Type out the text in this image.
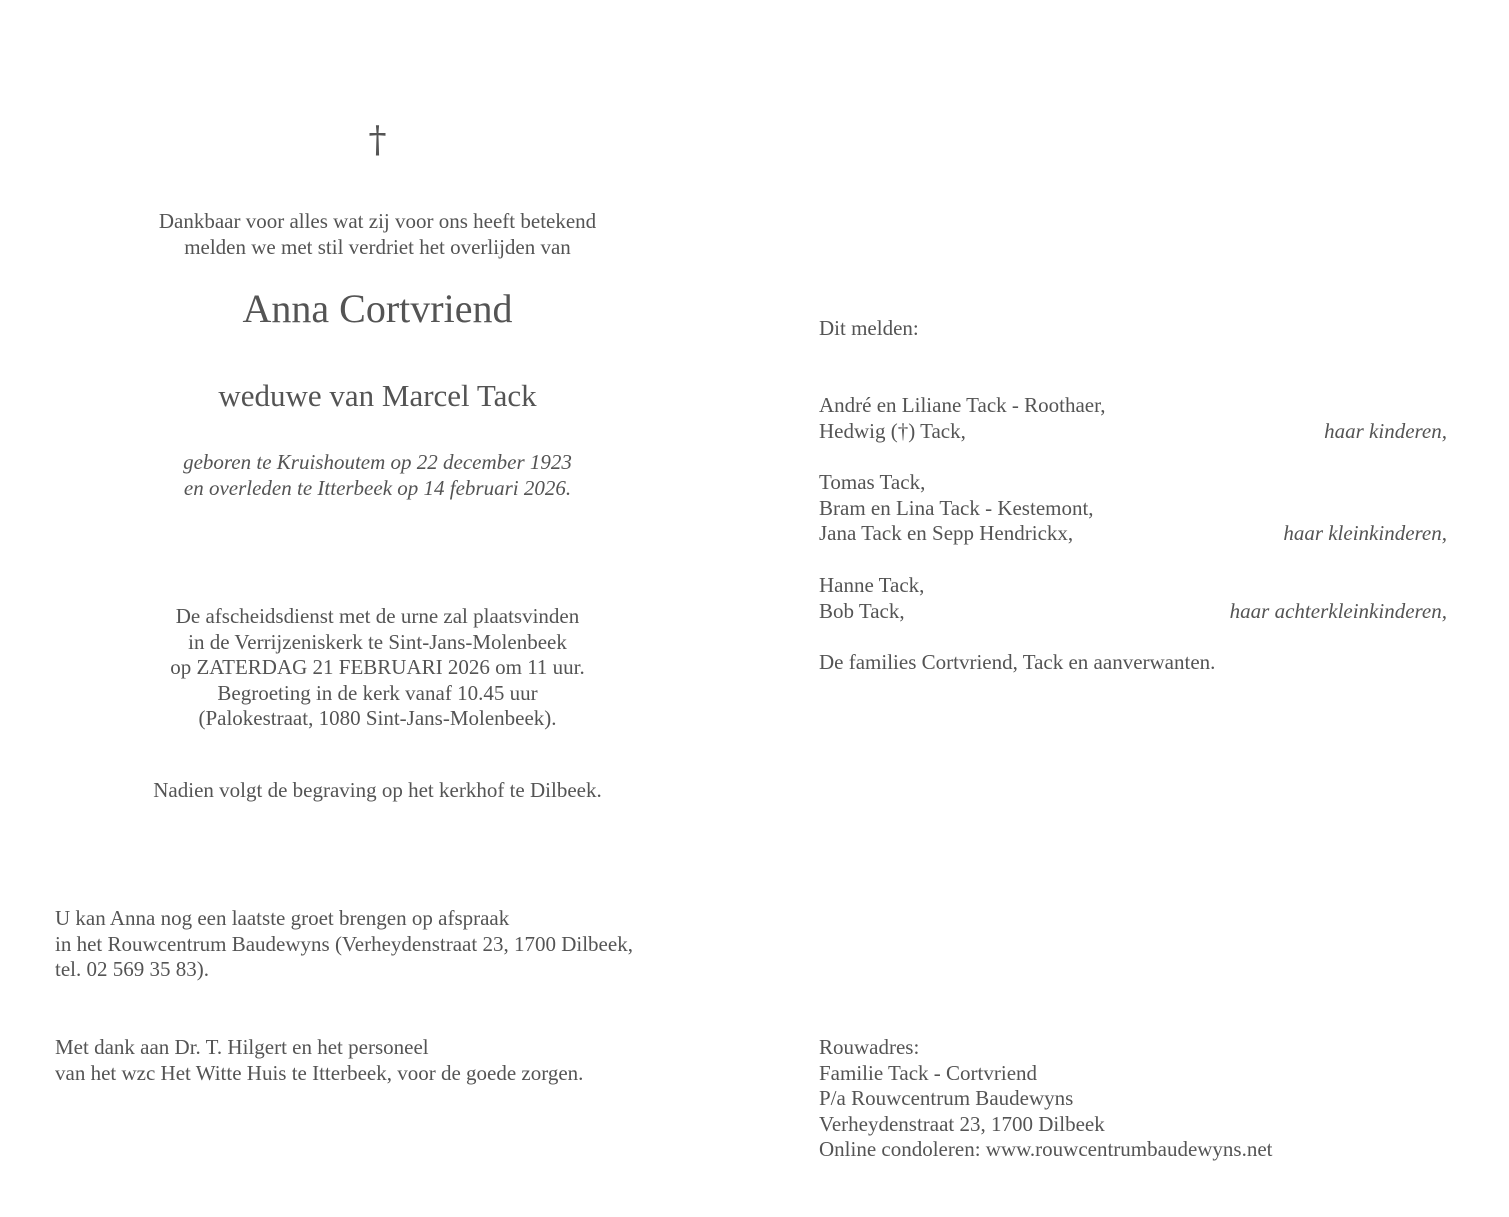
†
Dankbaar voor alles wat zij voor ons heeft betekend
melden we met stil verdriet het overlijden van
Anna Cortvriend
weduwe van Marcel Tack
geboren te Kruishoutem op 22 december 1923
en overleden te Itterbeek op 14 februari 2026.
De afscheidsdienst met de urne zal plaatsvinden
in de Verrijzeniskerk te Sint-Jans-Molenbeek
op ZATERDAG 21 FEBRUARI 2026 om 11 uur.
Begroeting in de kerk vanaf 10.45 uur
(Palokestraat, 1080 Sint-Jans-Molenbeek).
Nadien volgt de begraving op het kerkhof te Dilbeek.
U kan Anna nog een laatste groet brengen op afspraak
in het Rouwcentrum Baudewyns (Verheydenstraat 23, 1700 Dilbeek,
tel. 02 569 35 83).
Met dank aan Dr. T. Hilgert en het personeel
van het wzc Het Witte Huis te Itterbeek, voor de goede zorgen.
Dit melden:
André en Liliane Tack - Roothaer,
Hedwig (†) Tack,	haar kinderen,
Tomas Tack,
Bram en Lina Tack - Kestemont,
Jana Tack en Sepp Hendrickx,	haar kleinkinderen,
Hanne Tack,
Bob Tack,	haar achterkleinkinderen,
De families Cortvriend, Tack en aanverwanten.
Rouwadres:
Familie Tack - Cortvriend
P/a Rouwcentrum Baudewyns
Verheydenstraat 23, 1700 Dilbeek
Online condoleren: www.rouwcentrumbaudewyns.net
